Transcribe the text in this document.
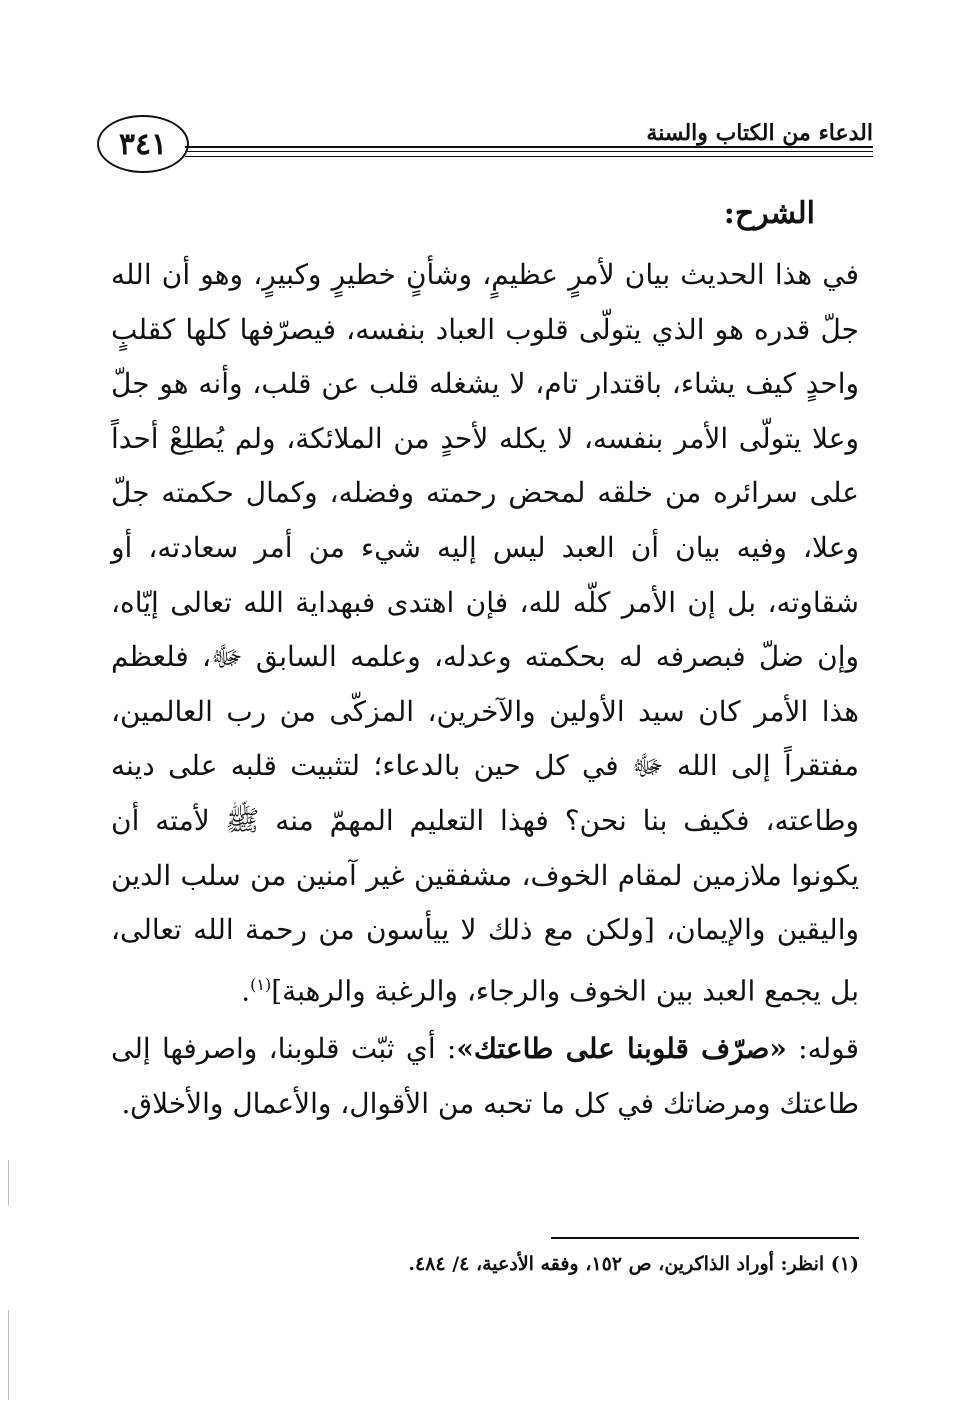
الدعاء من الكتاب والسنة
٣٤١
الشرح:
في هذا الحديث بيان لأمرٍ عظيمٍ، وشأنٍ خطيرٍ وكبيرٍ، وهو أن الله جلّ قدره هو الذي يتولّى قلوب العباد بنفسه، فيصرّفها كلها كقلبٍ واحدٍ كيف يشاء، باقتدار تام، لا يشغله قلب عن قلب، وأنه هو جلّ وعلا يتولّى الأمر بنفسه، لا يكله لأحدٍ من الملائكة، ولم يُطلِعْ أحداً على سرائره من خلقه لمحض رحمته وفضله، وكمال حكمته جلّ وعلا، وفيه بيان أن العبد ليس إليه شيء من أمر سعادته، أو شقاوته، بل إن الأمر كلّه لله، فإن اهتدى فبهداية الله تعالى إيّاه، وإن ضلّ فبصرفه له بحكمته وعدله، وعلمه السابق ﷻ، فلعظم هذا الأمر كان سيد الأولين والآخرين، المزكّى من رب العالمين، مفتقراً إلى الله ﷻ في كل حين بالدعاء؛ لتثبيت قلبه على دينه وطاعته، فكيف بنا نحن؟ فهذا التعليم المهمّ منه ﷺ لأمته أن يكونوا ملازمين لمقام الخوف، مشفقين غير آمنين من سلب الدين واليقين والإيمان، [ولكن مع ذلك لا ييأسون من رحمة الله تعالى، بل يجمع العبد بين الخوف والرجاء، والرغبة والرهبة]$^{(١)}$.
قوله: «صرّف قلوبنا على طاعتك»: أي ثبّت قلوبنا، واصرفها إلى طاعتك ومرضاتك في كل ما تحبه من الأقوال، والأعمال والأخلاق.
(١) انظر: أوراد الذاكرين، ص ١٥٢، وفقه الأدعية، ٤/ ٤٨٤.
